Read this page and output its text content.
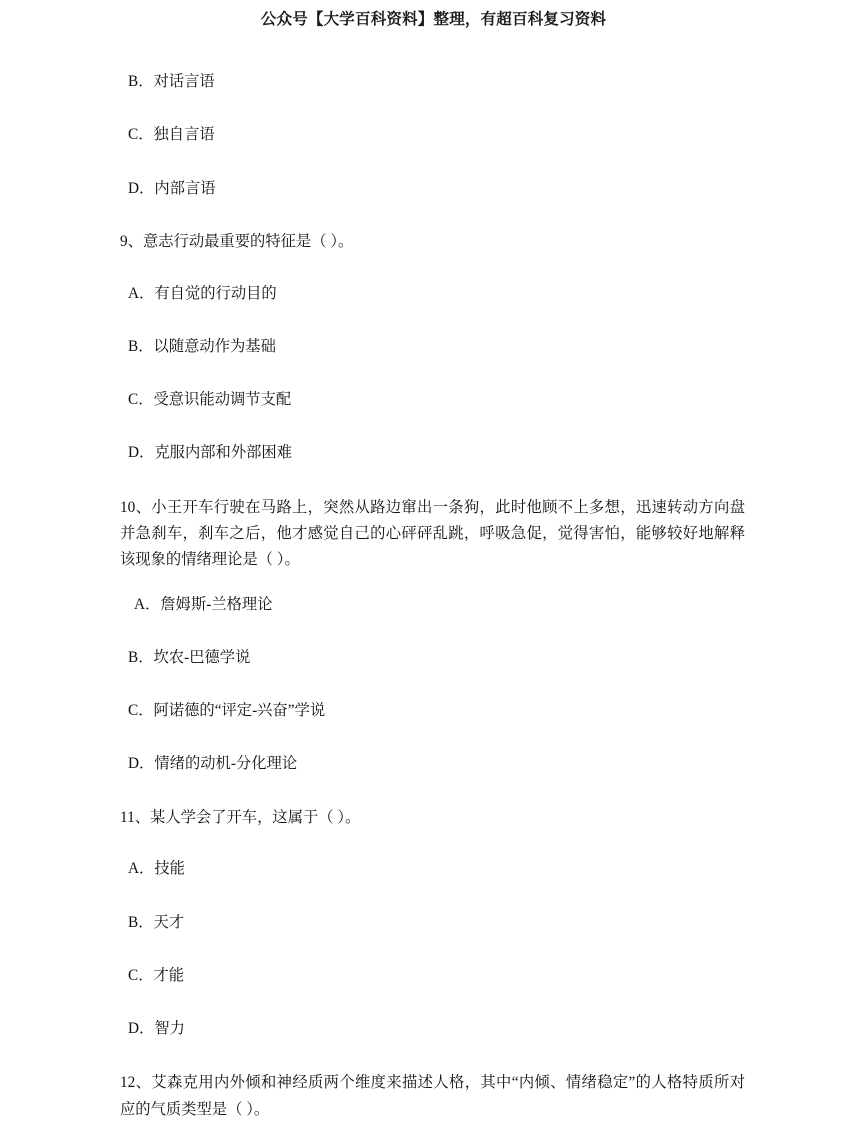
公众号【大学百科资料】整理，有超百科复习资料

B．对话言语

C．独自言语

D．内部言语

9、意志行动最重要的特征是（ ）。

A．有自觉的行动目的

B．以随意动作为基础

C．受意识能动调节支配

D．克服内部和外部困难

10、小王开车行驶在马路上，突然从路边窜出一条狗，此时他顾不上多想，迅速转动方向盘并急刹车，刹车之后，他才感觉自己的心砰砰乱跳，呼吸急促，觉得害怕，能够较好地解释该现象的情绪理论是（ ）。

A．詹姆斯-兰格理论

B．坎农-巴德学说

C．阿诺德的“评定-兴奋”学说

D．情绪的动机-分化理论

11、某人学会了开车，这属于（ ）。

A．技能

B．天才

C．才能

D．智力

12、艾森克用内外倾和神经质两个维度来描述人格，其中“内倾、情绪稳定”的人格特质所对应的气质类型是（ ）。
